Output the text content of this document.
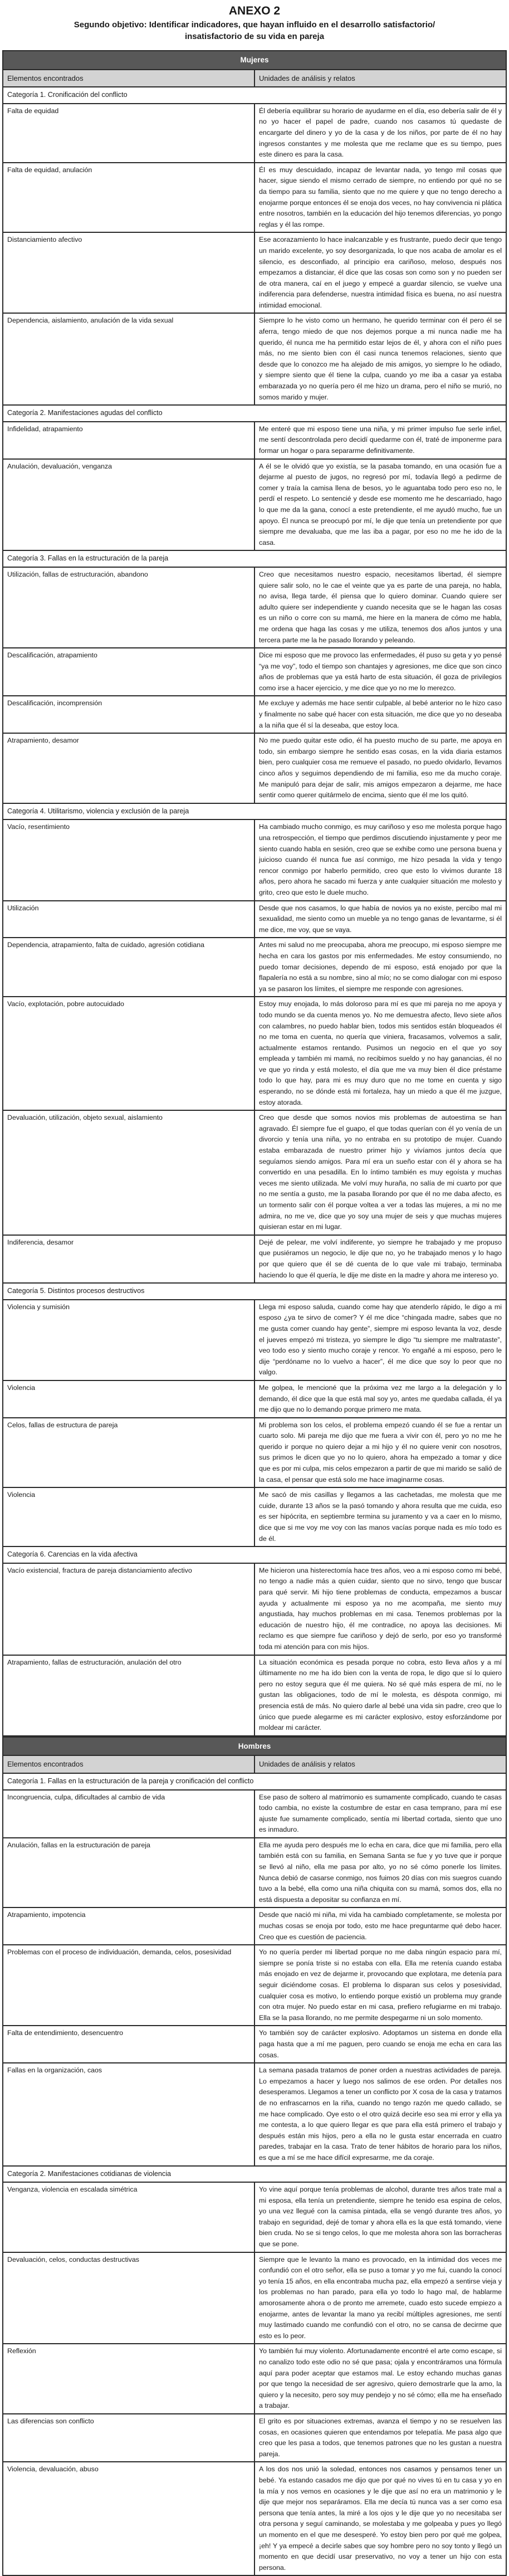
ANEXO 2
Segundo objetivo: Identificar indicadores, que hayan influido en el desarrollo satisfactorio/ insatisfactorio de su vida en pareja
Mujeres	
Elementos encontrados	Unidades de análisis y relatos
Categoría 1. Cronificación del conflicto	
Falta de equidad	Él debería equilibrar su horario de ayudarme en el día, eso debería salir de él y no yo hacer el papel de padre, cuando nos casamos tú quedaste de encargarte del dinero y yo de la casa y de los niños, por parte de él no hay ingresos constantes y me molesta que me reclame que es su tiempo, pues este dinero es para la casa.
Falta de equidad, anulación	Él es muy descuidado, incapaz de levantar nada, yo tengo mil cosas que hacer, sigue siendo el mismo cerrado de siempre, no entiendo por qué no se da tiempo para su familia, siento que no me quiere y que no tengo derecho a enojarme porque entonces él se enoja dos veces, no hay convivencia ni plática entre nosotros, también en la educación del hijo tenemos diferencias, yo pongo reglas y él las rompe.
Distanciamiento afectivo	Ese acorazamiento lo hace inalcanzable y es frustrante, puedo decir que tengo un marido excelente, yo soy desorganizada, lo que nos acaba de amolar es el silencio, es desconfiado, al principio era cariñoso, meloso, después nos empezamos a distanciar, él dice que las cosas son como son y no pueden ser de otra manera, caí en el juego y empecé a guardar silencio, se vuelve una indiferencia para defenderse, nuestra intimidad física es buena, no así nuestra intimidad emocional.
Dependencia, aislamiento, anulación de la vida sexual	Siempre lo he visto como un hermano, he querido terminar con él pero él se aferra, tengo miedo de que nos dejemos porque a mi nunca nadie me ha querido, él nunca me ha permitido estar lejos de él, y ahora con el niño pues más, no me siento bien con él casi nunca tenemos relaciones, siento que desde que lo conozco me ha alejado de mis amigos, yo siempre lo he odiado, y siempre siento que él tiene la culpa, cuando yo me iba a casar ya estaba embarazada yo no quería pero él me hizo un drama, pero el niño se murió, no somos marido y mujer.
Categoría 2. Manifestaciones agudas del conflicto	
Infidelidad, atrapamiento	Me enteré que mi esposo tiene una niña, y mi primer impulso fue serle infiel, me sentí descontrolada pero decidí quedarme con él, traté de imponerme para formar un hogar o para separarme definitivamente.
Anulación, devaluación, venganza	A él se le olvidó que yo existía, se la pasaba tomando, en una ocasión fue a dejarme al puesto de jugos, no regresó por mí, todavía llegó a pedirme de comer y traía la camisa llena de besos, yo le aguantaba todo pero eso no, le perdí el respeto. Lo sentencié y desde ese momento me he descarriado, hago lo que me da la gana, conocí a este pretendiente, el me ayudó mucho, fue un apoyo. Él nunca se preocupó por mí, le dije que tenía un pretendiente por que siempre me devaluaba, que me las iba a pagar, por eso no me he ido de la casa.
Categoría 3. Fallas en la estructuración de la pareja	
Utilización, fallas de estructuración, abandono	Creo que necesitamos nuestro espacio, necesitamos libertad, él siempre quiere salir solo, no le cae el veinte que ya es parte de una pareja, no habla, no avisa, llega tarde, él piensa que lo quiero dominar. Cuando quiere ser adulto quiere ser independiente y cuando necesita que se le hagan las cosas es un niño o corre con su mamá, me hiere en la manera de cómo me habla, me ordena que haga las cosas y me utiliza, tenemos dos años juntos y una tercera parte me la he pasado llorando y peleando.
Descalificación, atrapamiento	Dice mi esposo que me provoco las enfermedades, él puso su geta y yo pensé “ya me voy”, todo el tiempo son chantajes y agresiones, me dice que son cinco años de problemas que ya está harto de esta situación, él goza de privilegios como irse a hacer ejercicio, y me dice que yo no me lo merezco.
Descalificación, incomprensión	Me excluye y además me hace sentir culpable, al bebé anterior no le hizo caso y finalmente no sabe qué hacer con esta situación, me dice que yo no deseaba a la niña que él sí la deseaba, que estoy loca.
Atrapamiento, desamor	No me puedo quitar este odio, él ha puesto mucho de su parte, me apoya en todo, sin embargo siempre he sentido esas cosas, en la vida diaria estamos bien, pero cualquier cosa me remueve el pasado, no puedo olvidarlo, llevamos cinco años y seguimos dependiendo de mi familia, eso me da mucho coraje. Me manipuló para dejar de salir, mis amigos empezaron a dejarme, me hace sentir como querer quitármelo de encima, siento que él me los quitó.
Categoría 4. Utilitarismo, violencia y exclusión de la pareja	
Vacío, resentimiento	Ha cambiado mucho conmigo, es muy cariñoso y eso me molesta porque hago una retrospección, el tiempo que perdimos discutiendo injustamente y peor me siento cuando habla en sesión, creo que se exhibe como une persona buena y juicioso cuando él nunca fue así conmigo, me hizo pesada la vida y tengo rencor conmigo por haberlo permitido, creo que esto lo vivimos durante 18 años, pero ahora he sacado mi fuerza y ante cualquier situación me molesto y grito, creo que esto le duele mucho.
Utilización	Desde que nos casamos, lo que había de novios ya no existe, percibo mal mi sexualidad, me siento como un mueble ya no tengo ganas de levantarme, si él me dice, me voy, que se vaya.
Dependencia, atrapamiento, falta de cuidado, agresión cotidiana	Antes mi salud no me preocupaba, ahora me preocupo, mi esposo siempre me hecha en cara los gastos por mis enfermedades. Me estoy consumiendo, no puedo tomar decisiones, dependo de mi esposo, está enojado por que la flapalería no está a su nombre, sino al mío; no se como dialogar con mi esposo ya se pasaron los límites, el siempre me responde con agresiones.
Vacío, explotación, pobre autocuidado	Estoy muy enojada, lo más doloroso para mí es que mi pareja no me apoya y todo mundo se da cuenta menos yo. No me demuestra afecto, llevo siete años con calambres, no puedo hablar bien, todos mis sentidos están bloqueados él no me toma en cuenta, no quería que viniera, fracasamos, volvemos a salir, actualmente estamos rentando. Pusimos un negocio en el que yo soy empleada y también mi mamá, no recibimos sueldo y no hay ganancias, él no ve que yo rinda y está molesto, el día que me va muy bien él dice préstame todo lo que hay, para mi es muy duro que no me tome en cuenta y sigo esperando, no se dónde está mi fortaleza, hay un miedo a que él me juzgue, estoy atorada.
Devaluación, utilización, objeto sexual, aislamiento	Creo que desde que somos novios mis problemas de autoestima se han agravado. Él siempre fue el guapo, el que todas querían con él yo venía de un divorcio y tenía una niña, yo no entraba en su prototipo de mujer. Cuando estaba embarazada de nuestro primer hijo y vivíamos juntos decía que seguíamos siendo amigos. Para mí era un sueño estar con él y ahora se ha convertido en una pesadilla. En lo íntimo también es muy egoísta y muchas veces me siento utilizada. Me volví muy huraña, no salía de mi cuarto por que no me sentía a gusto, me la pasaba llorando por que él no me daba afecto, es un tormento salir con él porque voltea a ver a todas las mujeres, a mi no me admira, no me ve, dice que yo soy una mujer de seis y que muchas mujeres quisieran estar en mi lugar.
Indiferencia, desamor	Dejé de pelear, me volví indiferente, yo siempre he trabajado y me propuso que pusiéramos un negocio, le dije que no, yo he trabajado menos y lo hago por que quiero que él se dé cuenta de lo que vale mi trabajo, terminaba haciendo lo que él quería, le dije me diste en la madre y ahora me intereso yo.
Categoría 5. Distintos procesos destructivos	
Violencia y sumisión	Llega mi esposo saluda, cuando come hay que atenderlo rápido, le digo a mi esposo ¿ya te sirvo de comer? Y él me dice “chingada madre, sabes que no me gusta comer cuando hay gente”, siempre mi esposo levanta la voz, desde el jueves empezó mi tristeza, yo siempre le digo “tu siempre me maltrataste”, veo todo eso y siento mucho coraje y rencor. Yo engañé a mi esposo, pero le dije “perdóname no lo vuelvo a hacer”, él me dice que soy lo peor que no valgo.
Violencia	Me golpea, le mencioné que la próxima vez me largo a la delegación y lo demando, él dice que la que está mal soy yo, antes me quedaba callada, él ya me dijo que no lo demando porque primero me mata.
Celos, fallas de estructura de pareja	Mi problema son los celos, el problema empezó cuando él se fue a rentar un cuarto solo. Mi pareja me dijo que me fuera a vivir con él, pero yo no me he querido ir porque no quiero dejar a mi hijo y él no quiere venir con nosotros, sus primos le dicen que yo no lo quiero, ahora ha empezado a tomar y dice que es por mi culpa, mis celos empezaron a partir de que mi marido se salió de la casa, el pensar que está solo me hace imaginarme cosas.
Violencia	Me sacó de mis casillas y llegamos a las cachetadas, me molesta que me cuide, durante 13 años se la pasó tomando y ahora resulta que me cuida, eso es ser hipócrita, en septiembre termina su juramento y va a caer en lo mismo, dice que si me voy me voy con las manos vacías porque nada es mío todo es de él.
Categoría 6. Carencias en la vida afectiva	
Vacío existencial, fractura de pareja distanciamiento afectivo	Me hicieron una histerectomía hace tres años, veo a mi esposo como mi bebé, no tengo a nadie más a quien cuidar, siento que no sirvo, tengo que buscar para qué servir. Mi hijo tiene problemas de conducta, empezamos a buscar ayuda y actualmente mi esposo ya no me acompaña, me siento muy angustiada, hay muchos problemas en mi casa. Tenemos problemas por la educación de nuestro hijo, él me contradice, no apoya las decisiones. Mi reclamo es que siempre fue cariñoso y dejó de serlo, por eso yo transformé toda mi atención para con mis hijos.
Atrapamiento, fallas de estructuración, anulación del otro	La situación económica es pesada porque no cobra, esto lleva años y a mí últimamente no me ha ido bien con la venta de ropa, le digo que sí lo quiero pero no estoy segura que él me quiera. No sé qué más espera de mí, no le gustan las obligaciones, todo de mí le molesta, es déspota conmigo, mi presencia está de más. No quiero darle al bebé una vida sin padre, creo que lo único que puede alegarme es mi carácter explosivo, estoy esforzándome por moldear mi carácter.
Hombres	
Elementos encontrados	Unidades de análisis y relatos
Categoría 1. Fallas en la estructuración de la pareja y cronificación del conflicto	
Incongruencia, culpa, dificultades al cambio de vida	Ese paso de soltero al matrimonio es sumamente complicado, cuando te casas todo cambia, no existe la costumbre de estar en casa temprano, para mí ese ajuste fue sumamente complicado, sentía mi libertad cortada, siento que uno es inmaduro.
Anulación, fallas en la estructuración de pareja	Ella me ayuda pero después me lo echa en cara, dice que mi familia, pero ella también está con su familia, en Semana Santa se fue y yo tuve que ir porque se llevó al niño, ella me pasa por alto, yo no sé cómo ponerle los límites. Nunca debió de casarse conmigo, nos fuimos 20 días con mis suegros cuando tuvo a la bebé, ella como una niña chiquita con su mamá, somos dos, ella no está dispuesta a depositar su confianza en mí.
Atrapamiento, impotencia	Desde que nació mi niña, mi vida ha cambiado completamente, se molesta por muchas cosas se enoja por todo, esto me hace preguntarme qué debo hacer. Creo que es cuestión de paciencia.
Problemas con el proceso de individuación, demanda, celos, posesividad	Yo no quería perder mi libertad porque no me daba ningún espacio para mí, siempre se ponía triste si no estaba con ella. Ella me retenía cuando estaba más enojado en vez de dejarme ir, provocando que explotara, me detenía para seguir diciéndome cosas. El problema lo disparan sus celos y posesividad, cualquier cosa es motivo, lo entiendo porque existió un problema muy grande con otra mujer. No puedo estar en mi casa, prefiero refugiarme en mi trabajo. Ella se la pasa llorando, no me permite despegarme ni un solo momento.
Falta de entendimiento, desencuentro	Yo también soy de carácter explosivo. Adoptamos un sistema en donde ella paga hasta que a mí me paguen, pero cuando se enoja me echa en cara las cosas.
Fallas en la organización, caos	La semana pasada tratamos de poner orden a nuestras actividades de pareja. Lo empezamos a hacer y luego nos salimos de ese orden. Por detalles nos desesperamos. Llegamos a tener un conflicto por X cosa de la casa y tratamos de no enfrascarnos en la riña, cuando no tengo razón me quedo callado, se me hace complicado. Oye esto o el otro quizá decirle eso sea mi error y ella ya me contesta, a lo que quiero llegar es que para ella está primero el trabajo y después están mis hijos, pero a ella no le gusta estar encerrada en cuatro paredes, trabajar en la casa. Trato de tener hábitos de horario para los niños, es que a mí se me hace difícil expresarme, me da coraje.
Categoría 2. Manifestaciones cotidianas de violencia	
Venganza, violencia en escalada simétrica	Yo vine aquí porque tenía problemas de alcohol, durante tres años trate mal a mi esposa, ella tenía un pretendiente, siempre he tenido esa espina de celos, yo una vez llegué con la camisa pintada, ella se vengó durante tres años, yo trabajo en seguridad, dejé de tomar y ahora ella es la que está tomando, viene bien cruda. No se si tengo celos, lo que me molesta ahora son las borracheras que se pone.
Devaluación, celos, conductas destructivas	Siempre que le levanto la mano es provocado, en la intimidad dos veces me confundió con el otro señor, ella se puso a tomar y yo me fui, cuando la conocí yo tenía 15 años, en ella encontraba mucha paz, ella empezó a sentirse vieja y los problemas no han parado, para ella yo todo lo hago mal, de hablarme amorosamente ahora o de pronto me arremete, cuado esto sucede empiezo a enojarme, antes de levantar la mano ya recibí múltiples agresiones, me sentí muy lastimado cuando me confundió con el otro, no se cansa de decirme que esto es lo peor.
Reflexión	Yo también fui muy violento. Afortunadamente encontré el arte como escape, si no canalizo todo este odio no sé que pasa; ojala y encontráramos una fórmula aquí para poder aceptar que estamos mal. Le estoy echando muchas ganas por que tengo la necesidad de ser agresivo, quiero demostrarle que la amo, la quiero y la necesito, pero soy muy pendejo y no sé cómo; ella me ha enseñado a trabajar.
Las diferencias son conflicto	El grito es por situaciones extremas, avanza el tiempo y no se resuelven las cosas, en ocasiones quieren que entendamos por telepatía. Me pasa algo que creo que les pasa a todos, que tenemos patrones que no les gustan a nuestra pareja.
Violencia, devaluación, abuso	A los dos nos unió la soledad, entonces nos casamos y pensamos tener un bebé. Ya estando casados me dijo que por qué no vives tú en tu casa y yo en la mía y nos vemos en ocasiones y le dije que así no era un matrimonio y le dije que mejor nos separáramos. Ella me decía tú nunca vas a ser como esa persona que tenía antes, la miré a los ojos y le dije que yo no necesitaba ser otra persona y seguí caminando, se molestaba y me golpeaba y pues yo llegó un momento en el que me desesperé. Yo estoy bien pero por qué me golpea, ¡eh! Y ya empecé a decirle sabes que soy hombre pero no soy tonto y llegó un momento en que decidí usar preservativo, no voy a tener un hijo con esta persona.
